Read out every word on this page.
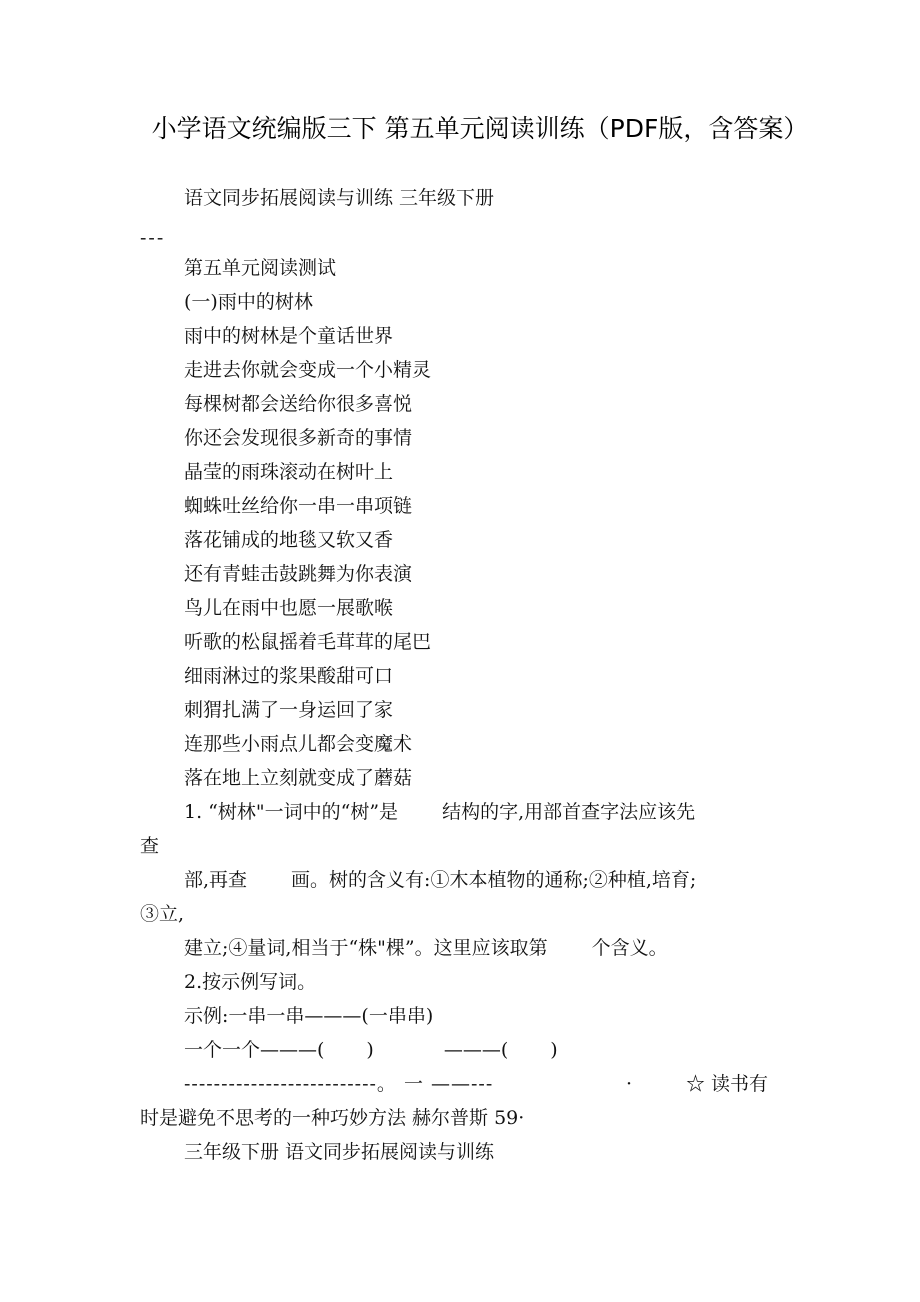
小学语文统编版三下 第五单元阅读训练（PDF版，含答案）
语文同步拓展阅读与训练 三年级下册
---
第五单元阅读测试
(一)雨中的树林
雨中的树林是个童话世界
走进去你就会变成一个小精灵
每棵树都会送给你很多喜悦
你还会发现很多新奇的事情
晶莹的雨珠滚动在树叶上
蜘蛛吐丝给你一串一串项链
落花铺成的地毯又软又香
还有青蛙击鼓跳舞为你表演
鸟儿在雨中也愿一展歌喉
听歌的松鼠摇着毛茸茸的尾巴
细雨淋过的浆果酸甜可口
刺猬扎满了一身运回了家
连那些小雨点儿都会变魔术
落在地上立刻就变成了蘑菇
1. “树林"一词中的“树”是 结构的字,用部首查字法应该先
查
部,再查 画。树的含义有:①木本植物的通称;②种植,培育;
③立,
建立;④量词,相当于“株"棵”。这里应该取第 个含义。
2.按示例写词。
示例:一串一串———(一串串)
一个一个———( )	———( )
--------------------------。 一 ——---	·	☆ 读书有
时是避免不思考的一种巧妙方法 赫尔普斯 59·
三年级下册 语文同步拓展阅读与训练
